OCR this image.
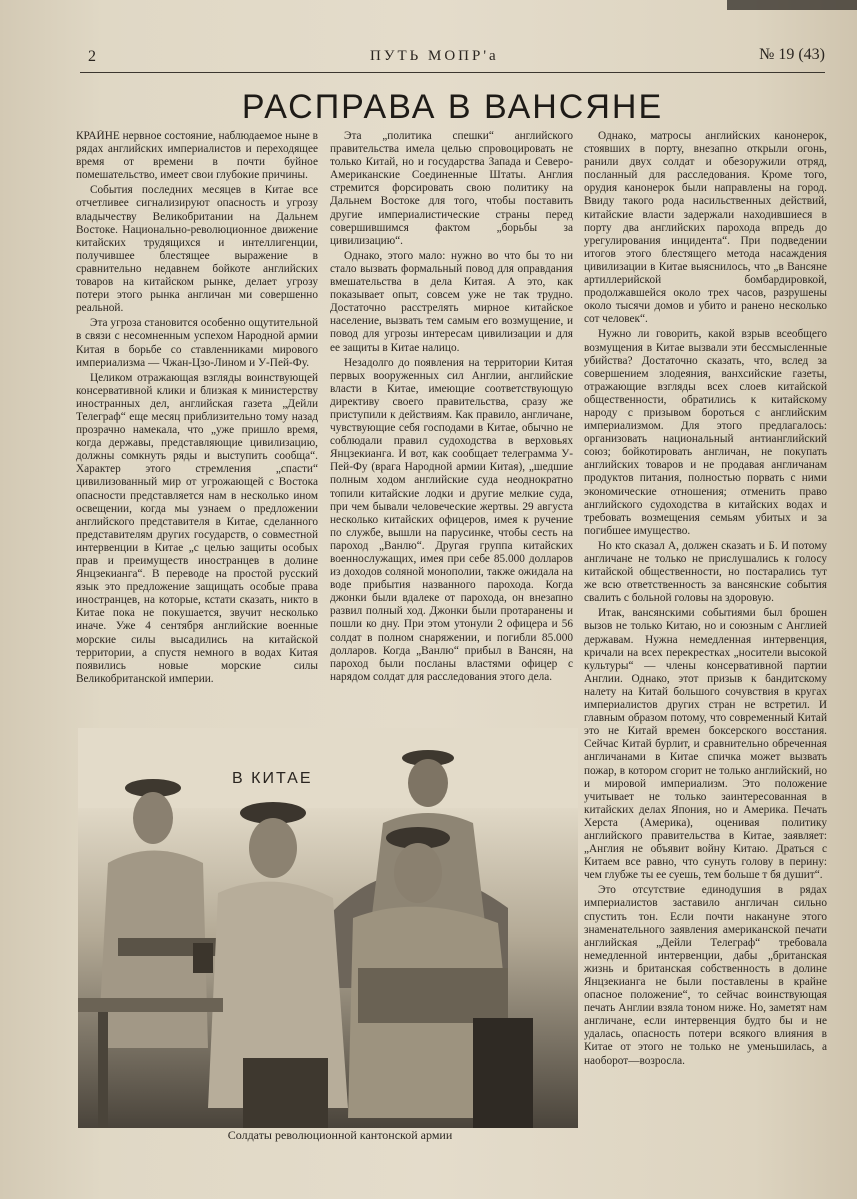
2	ПУТЬ МОПР'а	№ 19 (43)
РАСПРАВА В ВАНСЯНЕ

КРАЙНЕ нервное состояние, наблюдаемое ныне в рядах английских империалистов и переходящее время от времени в почти буйное помешательство, имеет свои глубокие причины.

События последних месяцев в Китае все отчетливее сигнализируют опасность и угрозу владычеству Великобритании на Дальнем Востоке. Национально-революционное движение китайских трудящихся и интеллигенции, получившее блестящее выражение в сравнительно недавнем бойкоте английских товаров на китайском рынке, делает угрозу потери этого рынка англичан ми совершенно реальной.

Эта угроза становится особенно ощутительной в связи с несомненным успехом Народной армии Китая в борьбе со ставленниками мирового империализма — Чжан-Цзо-Лином и У-Пей-Фу.

Целиком отражающая взгляды воинствующей консервативной клики и близкая к министерству иностранных дел, английская газета „Дейли Телеграф“ еще месяц приблизительно тому назад прозрачно намекала, что „уже пришло время, когда державы, представляющие цивилизацию, должны сомкнуть ряды и выступить сообща“. Характер этого стремления „спасти“ цивилизованный мир от угрожающей с Востока опасности представляется нам в несколько ином освещении, когда мы узнаем о предложении английского представителя в Китае, сделанного представителям других государств, о совместной интервенции в Китае „с целью защиты особых прав и преимуществ иностранцев в долине Янцзекианга“. В переводе на простой русский язык это предложение защищать особые права иностранцев, на которые, кстати сказать, никто в Китае пока не покушается, звучит несколько иначе. Уже 4 сентября английские военные морские силы высадились на китайской территории, а спустя немного в водах Китая появились новые морские силы Великобританской империи.

Эта „политика спешки“ английского правительства имела целью спровоцировать не только Китай, но и государства Запада и Северо-Американские Соединенные Штаты. Англия стремится форсировать свою политику на Дальнем Востоке для того, чтобы поставить другие империалистические страны перед совершившимся фактом „борьбы за цивилизацию“.

Однако, этого мало: нужно во что бы то ни стало вызвать формальный повод для оправдания вмешательства в дела Китая. А это, как показывает опыт, совсем уже не так трудно. Достаточно расстрелять мирное китайское население, вызвать тем самым его возмущение, и повод для угрозы интересам цивилизации и для ее защиты в Китае налицо.

Незадолго до появления на территории Китая первых вооруженных сил Англии, английские власти в Китае, имеющие соответствующую директиву своего правительства, сразу же приступили к действиям. Как правило, англичане, чувствующие себя господами в Китае, обычно не соблюдали правил судоходства в верховьях Янцзекианга. И вот, как сообщает телеграмма У-Пей-Фу (врага Народной армии Китая), „шедшие полным ходом английские суда неоднократно топили китайские лодки и другие мелкие суда, при чем бывали человеческие жертвы. 29 августа несколько китайских офицеров, имея к ручение по службе, вышли на парусинке, чтобы сесть на пароход „Ванлю“. Другая группа китайских военнослужащих, имея при себе 85.000 долларов из доходов соляной монополии, также ожидала на воде прибытия названного парохода. Когда джонки были вдалеке от парохода, он внезапно развил полный ход. Джонки были протаранены и пошли ко дну. При этом утонули 2 офицера и 56 солдат в полном снаряжении, и погибли 85.000 долларов. Когда „Ванлю“ прибыл в Вансян, на пароход были посланы властями офицер с нарядом солдат для расследования этого дела.

Однако, матросы английских канонерок, стоявших в порту, внезапно открыли огонь, ранили двух солдат и обезоружили отряд, посланный для расследования. Кроме того, орудия канонерок были направлены на город. Ввиду такого рода насильственных действий, китайские власти задержали находившиеся в порту два английских парохода впредь до урегулирования инцидента“. При подведении итогов этого блестящего метода насаждения цивилизации в Китае выяснилось, что „в Вансяне артиллерийской бомбардировкой, продолжавшейся около трех часов, разрушены около тысячи домов и убито и ранено несколько сот человек“.

Нужно ли говорить, какой взрыв всеобщего возмущения в Китае вызвали эти бессмысленные убийства? Достаточно сказать, что, вслед за совершением злодеяния, ванхсийские газеты, отражающие взгляды всех слоев китайской общественности, обратились к китайскому народу с призывом бороться с английским империализмом. Для этого предлагалось: организовать национальный антианглийский союз; бойкотировать англичан, не покупать английских товаров и не продавая англичанам продуктов питания, полностью порвать с ними экономические отношения; отменить право английского судоходства в китайских водах и требовать возмещения семьям убитых и за погибшее имущество.

Но кто сказал А, должен сказать и Б. И потому англичане не только не прислушались к голосу китайской общественности, но постарались тут же всю ответственность за вансянские события свалить с больной головы на здоровую.

Итак, вансянскими событиями был брошен вызов не только Китаю, но и союзным с Англией державам. Нужна немедленная интервенция, кричали на всех перекрестках „носители высокой культуры“ — члены консервативной партии Англии. Однако, этот призыв к бандитскому налету на Китай большого сочувствия в кругах империалистов других стран не встретил. И главным образом потому, что современный Китай это не Китай времен боксерского восстания. Сейчас Китай бурлит, и сравнительно обреченная англичанами в Китае спичка может вызвать пожар, в котором сгорит не только английский, но и мировой империализм. Это положение учитывает не только заинтересованная в китайских делах Япония, но и Америка. Печать Херста (Америка), оценивая политику английского правительства в Китае, заявляет: „Англия не объявит войну Китаю. Драться с Китаем все равно, что сунуть голову в перину: чем глубже ты ее суешь, тем больше т бя душит“.

Это отсутствие единодушия в рядах империалистов заставило англичан сильно спустить тон. Если почти накануне этого знаменательного заявления американской печати английская „Дейли Телеграф“ требовала немедленной интервенции, дабы „британская жизнь и британская собственность в долине Янцзекианга не были поставлены в крайне опасное положение“, то сейчас воинствующая печать Англии взяла тоном ниже. Но, заметят нам англичане, если интервенция будто бы и не удалась, опасность потери всякого влияния в Китае от этого не только не уменьшилась, а наоборот—возросла.

В КИТАЕ
Солдаты революционной кантонской армии
